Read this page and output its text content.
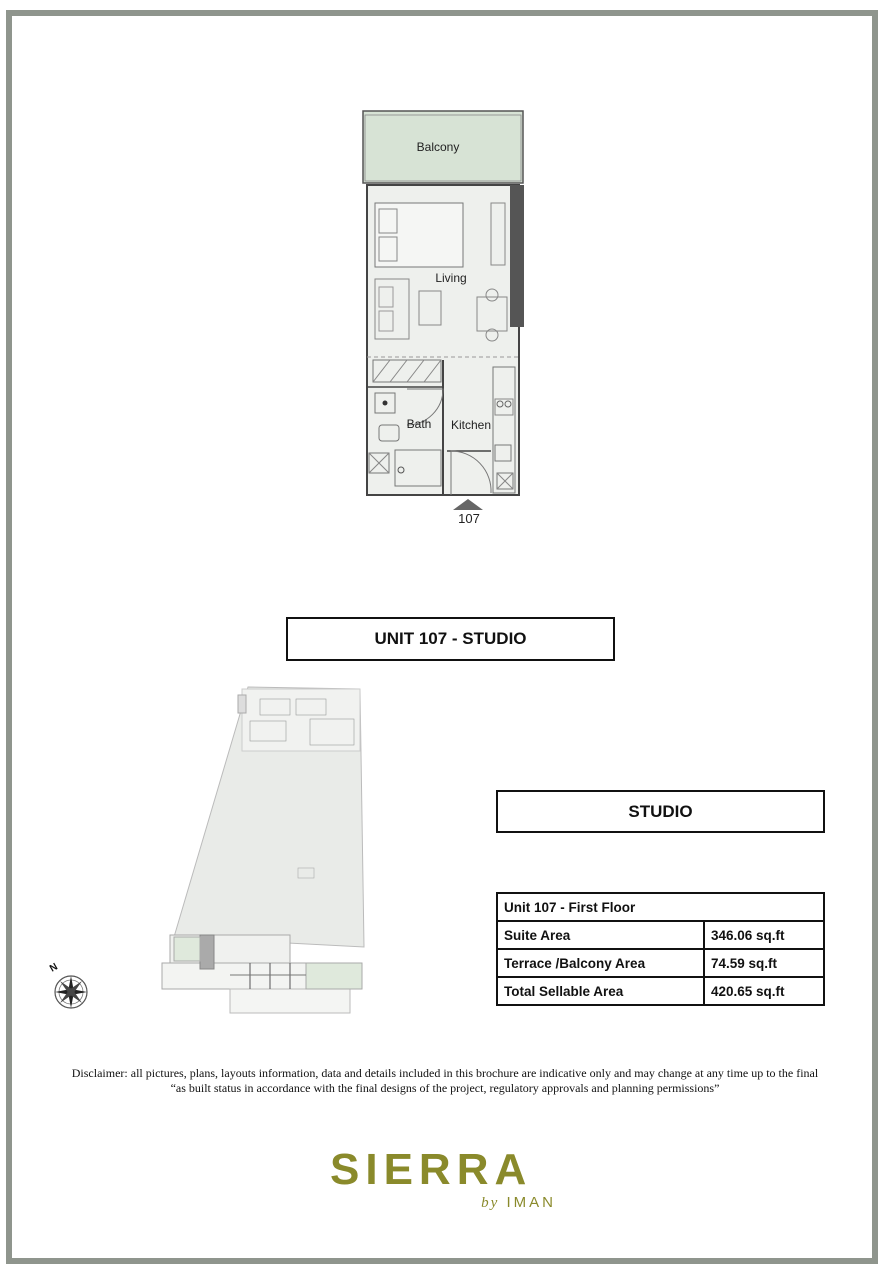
Balcony
Living
Bath Kitchen
107
UNIT 107 - STUDIO
N
STUDIO
Unit 107 - First Floor	
Suite Area	346.06 sq.ft
Terrace /Balcony Area	74.59 sq.ft
Total Sellable Area	420.65 sq.ft
Disclaimer: all pictures, plans, layouts information, data and details included in this brochure are indicative only and may change at any time up to the final
“as built status in accordance with the final designs of the project, regulatory approvals and planning permissions”
SIERRA
by IMAN
